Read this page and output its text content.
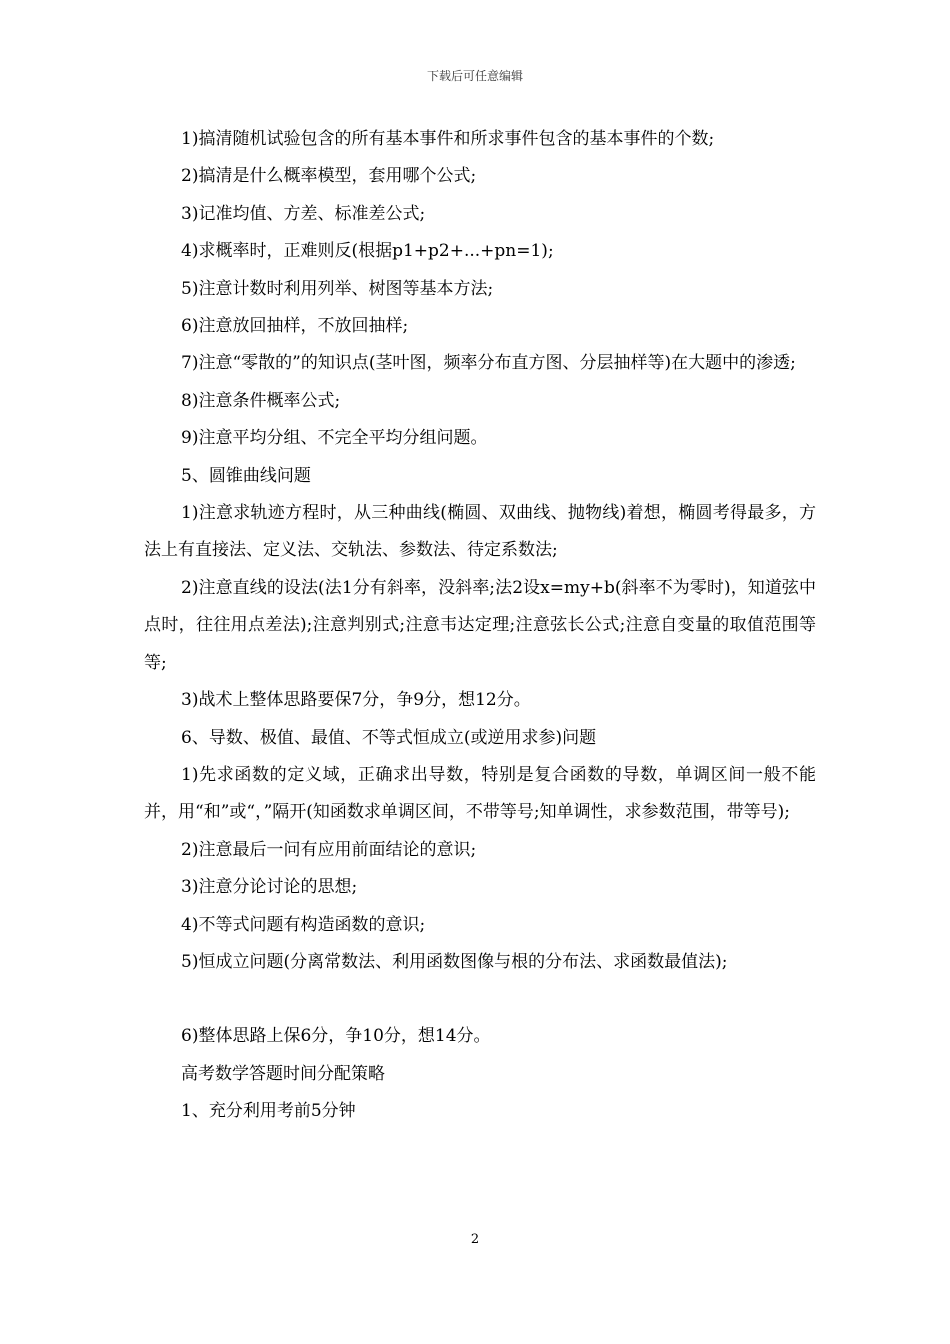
下载后可任意编辑

1)搞清随机试验包含的所有基本事件和所求事件包含的基本事件的个数;

2)搞清是什么概率模型，套用哪个公式;

3)记准均值、方差、标准差公式;

4)求概率时，正难则反(根据p1+p2+...+pn=1);

5)注意计数时利用列举、树图等基本方法;

6)注意放回抽样，不放回抽样;

7)注意“零散的”的知识点(茎叶图，频率分布直方图、分层抽样等)在大题中的渗透;

8)注意条件概率公式;

9)注意平均分组、不完全平均分组问题。

5、圆锥曲线问题

1)注意求轨迹方程时，从三种曲线(椭圆、双曲线、抛物线)着想，椭圆考得最多，方法上有直接法、定义法、交轨法、参数法、待定系数法;

2)注意直线的设法(法1分有斜率，没斜率;法2设x=my+b(斜率不为零时)，知道弦中点时，往往用点差法);注意判别式;注意韦达定理;注意弦长公式;注意自变量的取值范围等等;

3)战术上整体思路要保7分，争9分，想12分。

6、导数、极值、最值、不等式恒成立(或逆用求参)问题

1)先求函数的定义域，正确求出导数，特别是复合函数的导数，单调区间一般不能并，用“和”或“，”隔开(知函数求单调区间，不带等号;知单调性，求参数范围，带等号);

2)注意最后一问有应用前面结论的意识;

3)注意分论讨论的思想;

4)不等式问题有构造函数的意识;

5)恒成立问题(分离常数法、利用函数图像与根的分布法、求函数最值法);

6)整体思路上保6分，争10分，想14分。

高考数学答题时间分配策略

1、充分利用考前5分钟

2
